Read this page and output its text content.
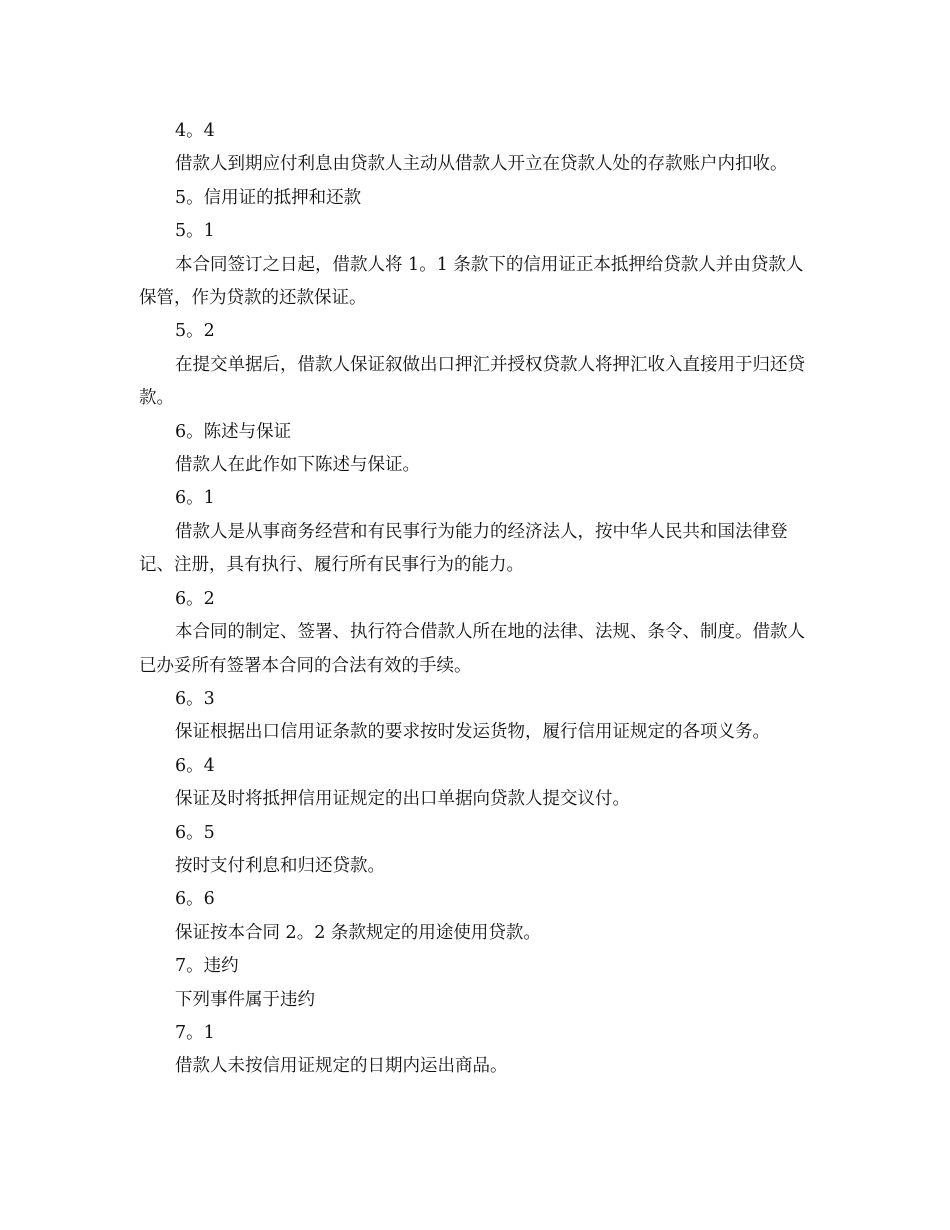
4。4

借款人到期应付利息由贷款人主动从借款人开立在贷款人处的存款账户内扣收。

5。信用证的抵押和还款

5。1

本合同签订之日起，借款人将 1。1 条款下的信用证正本抵押给贷款人并由贷款人保管，作为贷款的还款保证。

5。2

在提交单据后，借款人保证叙做出口押汇并授权贷款人将押汇收入直接用于归还贷款。

6。陈述与保证

借款人在此作如下陈述与保证。

6。1

借款人是从事商务经营和有民事行为能力的经济法人，按中华人民共和国法律登记、注册，具有执行、履行所有民事行为的能力。

6。2

本合同的制定、签署、执行符合借款人所在地的法律、法规、条令、制度。借款人已办妥所有签署本合同的合法有效的手续。

6。3

保证根据出口信用证条款的要求按时发运货物，履行信用证规定的各项义务。

6。4

保证及时将抵押信用证规定的出口单据向贷款人提交议付。

6。5

按时支付利息和归还贷款。

6。6

保证按本合同 2。2 条款规定的用途使用贷款。

7。违约

下列事件属于违约

7。1

借款人未按信用证规定的日期内运出商品。
